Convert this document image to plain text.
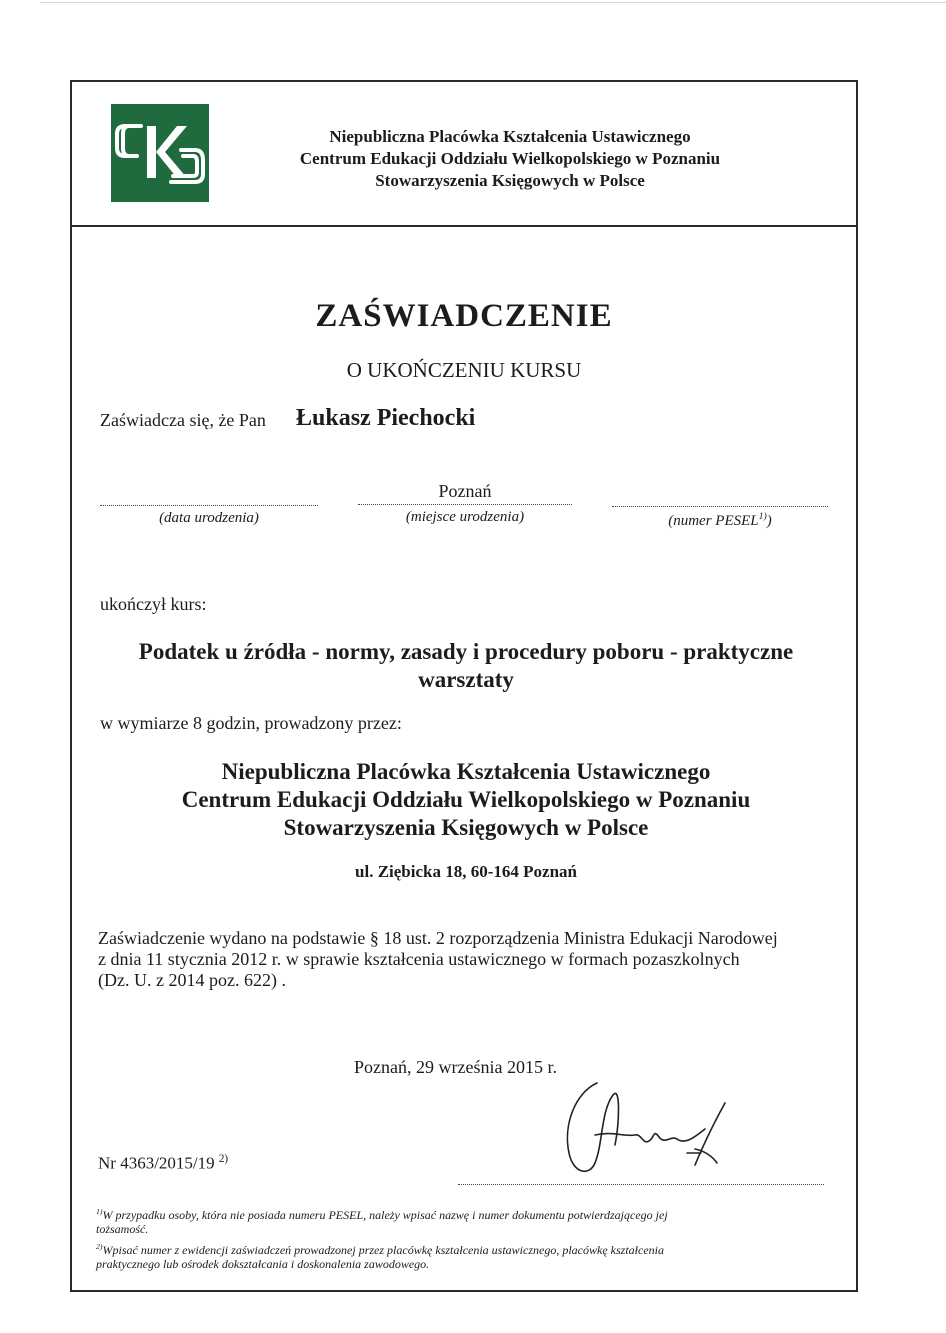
Niepubliczna Placówka Kształcenia Ustawicznego
Centrum Edukacji Oddziału Wielkopolskiego w Poznaniu
Stowarzyszenia Księgowych w Polsce
ZAŚWIADCZENIE
O UKOŃCZENIU KURSU
Zaświadcza się, że Pan Łukasz Piechocki
(data urodzenia)
Poznań
(miejsce urodzenia)	(numer PESEL$^{1)}$)
ukończył kurs:
Podatek u źródła - normy, zasady i procedury poboru - praktyczne
warsztaty
w wymiarze 8 godzin, prowadzony przez:
Niepubliczna Placówka Kształcenia Ustawicznego
Centrum Edukacji Oddziału Wielkopolskiego w Poznaniu
Stowarzyszenia Księgowych w Polsce
ul. Ziębicka 18, 60-164 Poznań
Zaświadczenie wydano na podstawie § 18 ust. 2 rozporządzenia Ministra Edukacji Narodowej
z dnia 11 stycznia 2012 r. w sprawie kształcenia ustawicznego w formach pozaszkolnych
(Dz. U. z 2014 poz. 622) .
Poznań, 29 września 2015 r.
Nr 4363/2015/19 $^{2)}$
$^{1)}$W przypadku osoby, która nie posiada numeru PESEL, należy wpisać nazwę i numer dokumentu potwierdzającego jej
tożsamość.
$^{2)}$Wpisać numer z ewidencji zaświadczeń prowadzonej przez placówkę kształcenia ustawicznego, placówkę kształcenia
praktycznego lub ośrodek dokształcania i doskonalenia zawodowego.
